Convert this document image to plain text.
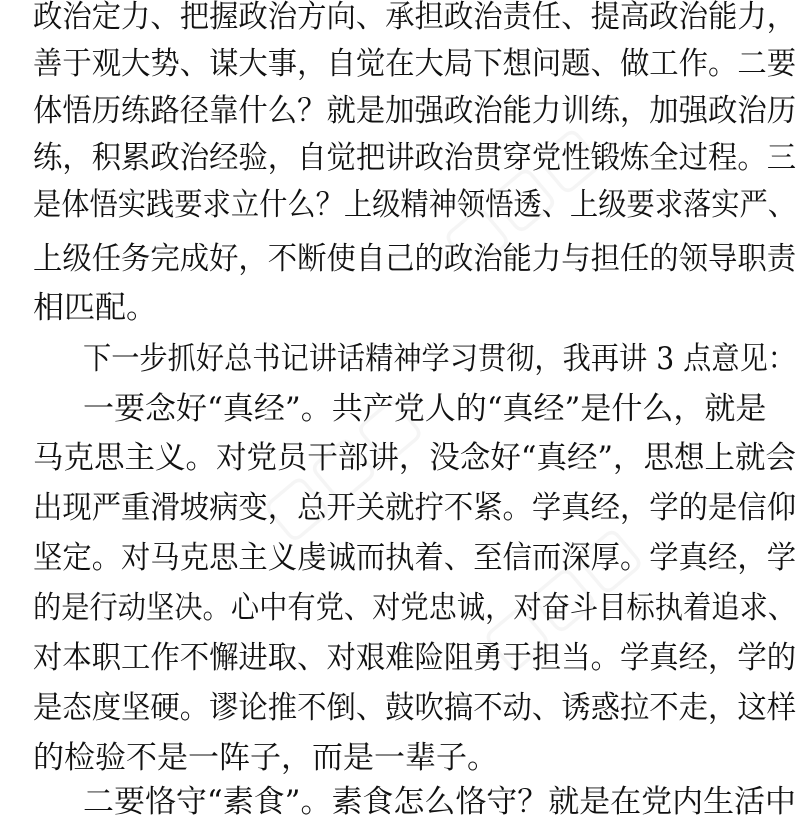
政治定力、把握政治方向、承担政治责任、提高政治能力，
善于观大势、谋大事，自觉在大局下想问题、做工作。二要
体悟历练路径靠什么？就是加强政治能力训练，加强政治历
练，积累政治经验，自觉把讲政治贯穿党性锻炼全过程。三
是体悟实践要求立什么？上级精神领悟透、上级要求落实严、
上级任务完成好，不断使自己的政治能力与担任的领导职责
相匹配。
下一步抓好总书记讲话精神学习贯彻，我再讲 3 点意见：
一要念好“真经”。共产党人的“真经”是什么，就是
马克思主义。对党员干部讲，没念好“真经”，思想上就会
出现严重滑坡病变，总开关就拧不紧。学真经，学的是信仰
坚定。对马克思主义虔诚而执着、至信而深厚。学真经，学
的是行动坚决。心中有党、对党忠诚，对奋斗目标执着追求、
对本职工作不懈进取、对艰难险阻勇于担当。学真经，学的
是态度坚硬。谬论推不倒、鼓吹搞不动、诱惑拉不走，这样
的检验不是一阵子，而是一辈子。
二要恪守“素食”。素食怎么恪守？就是在党内生活中
